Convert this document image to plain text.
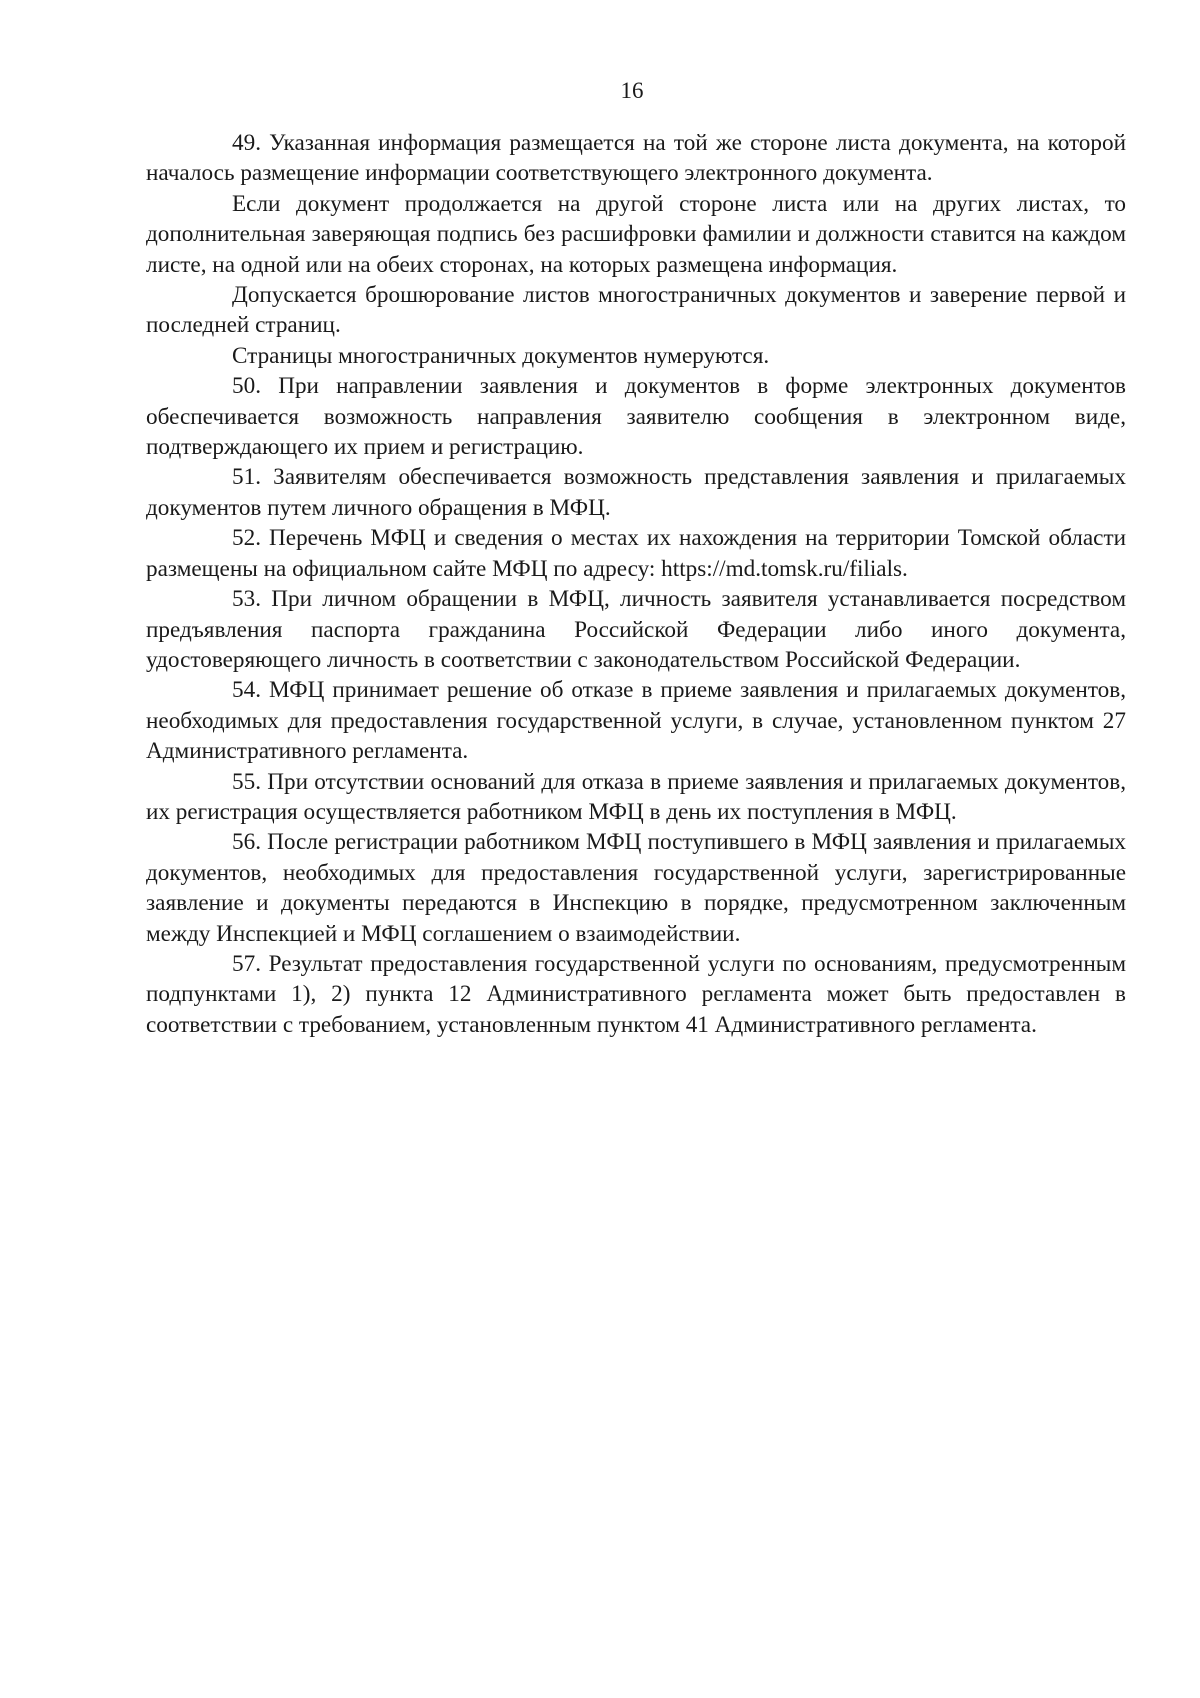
16

49. Указанная информация размещается на той же стороне листа документа, на которой началось размещение информации соответствующего электронного документа.

Если документ продолжается на другой стороне листа или на других листах, то дополнительная заверяющая подпись без расшифровки фамилии и должности ставится на каждом листе, на одной или на обеих сторонах, на которых размещена информация.

Допускается брошюрование листов многостраничных документов и заверение первой и последней страниц.

Страницы многостраничных документов нумеруются.

50. При направлении заявления и документов в форме электронных документов обеспечивается возможность направления заявителю сообщения в электронном виде, подтверждающего их прием и регистрацию.

51. Заявителям обеспечивается возможность представления заявления и прилагаемых документов путем личного обращения в МФЦ.

52. Перечень МФЦ и сведения о местах их нахождения на территории Томской области размещены на официальном сайте МФЦ по адресу: https://md.tomsk.ru/filials.

53. При личном обращении в МФЦ, личность заявителя устанавливается посредством предъявления паспорта гражданина Российской Федерации либо иного документа, удостоверяющего личность в соответствии с законодательством Российской Федерации.

54. МФЦ принимает решение об отказе в приеме заявления и прилагаемых документов, необходимых для предоставления государственной услуги, в случае, установленном пунктом 27 Административного регламента.

55. При отсутствии оснований для отказа в приеме заявления и прилагаемых документов, их регистрация осуществляется работником МФЦ в день их поступления в МФЦ.

56. После регистрации работником МФЦ поступившего в МФЦ заявления и прилагаемых документов, необходимых для предоставления государственной услуги, зарегистрированные заявление и документы передаются в Инспекцию в порядке, предусмотренном заключенным между Инспекцией и МФЦ соглашением о взаимодействии.

57. Результат предоставления государственной услуги по основаниям, предусмотренным подпунктами 1), 2) пункта 12 Административного регламента может быть предоставлен в соответствии с требованием, установленным пунктом 41 Административного регламента.
